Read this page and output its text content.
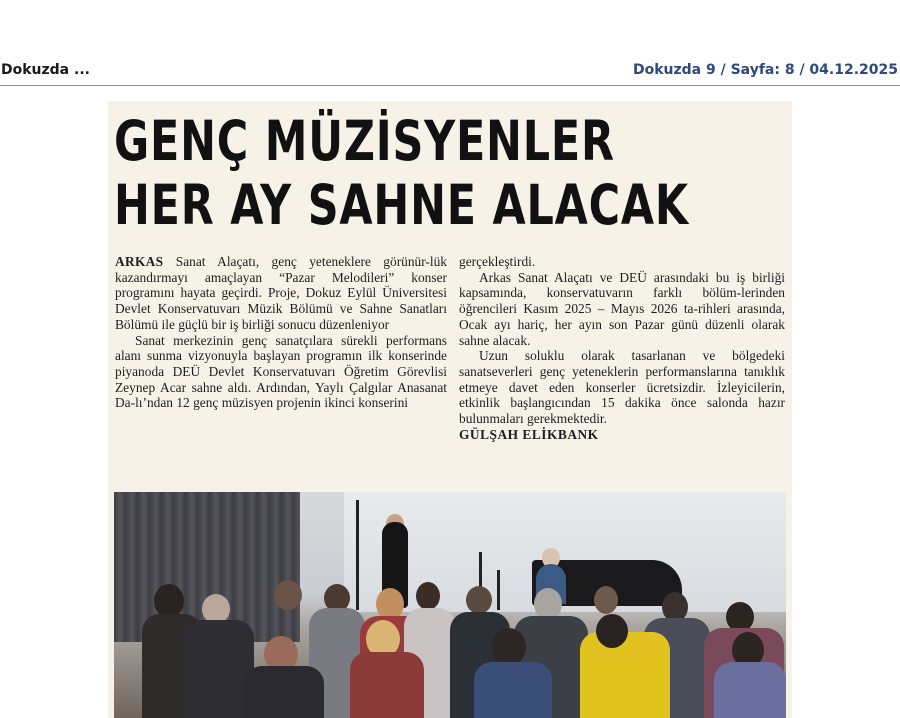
Dokuzda ...	Dokuzda 9 / Sayfa: 8 / 04.12.2025
GENÇ MÜZİSYENLER
HER AY SAHNE ALACAK

ARKAS Sanat Alaçatı, genç yeteneklere görünür-lük kazandırmayı amaçlayan “Pazar Melodileri” konser programını hayata geçirdi. Proje, Dokuz Eylül Üniversitesi Devlet Konservatuvarı Müzik Bölümü ve Sahne Sanatları Bölümü ile güçlü bir iş birliği sonucu düzenleniyor

Sanat merkezinin genç sanatçılara sürekli performans alanı sunma vizyonuyla başlayan programın ilk konserinde piyanoda DEÜ Devlet Konservatuvarı Öğretim Görevlisi Zeynep Acar sahne aldı. Ardından, Yaylı Çalgılar Anasanat Da-lı’ndan 12 genç müzisyen projenin ikinci konserini

gerçekleştirdi.

Arkas Sanat Alaçatı ve DEÜ arasındaki bu iş birliği kapsamında, konservatuvarın farklı bölüm-lerinden öğrencileri Kasım 2025 – Mayıs 2026 ta-rihleri arasında, Ocak ayı hariç, her ayın son Pazar günü düzenli olarak sahne alacak.

Uzun soluklu olarak tasarlanan ve bölgedeki sanatseverleri genç yeteneklerin performanslarına tanıklık etmeye davet eden konserler ücretsizdir. İzleyicilerin, etkinlik başlangıcından 15 dakika önce salonda hazır bulunmaları gerekmektedir.

GÜLŞAH ELİKBANK
